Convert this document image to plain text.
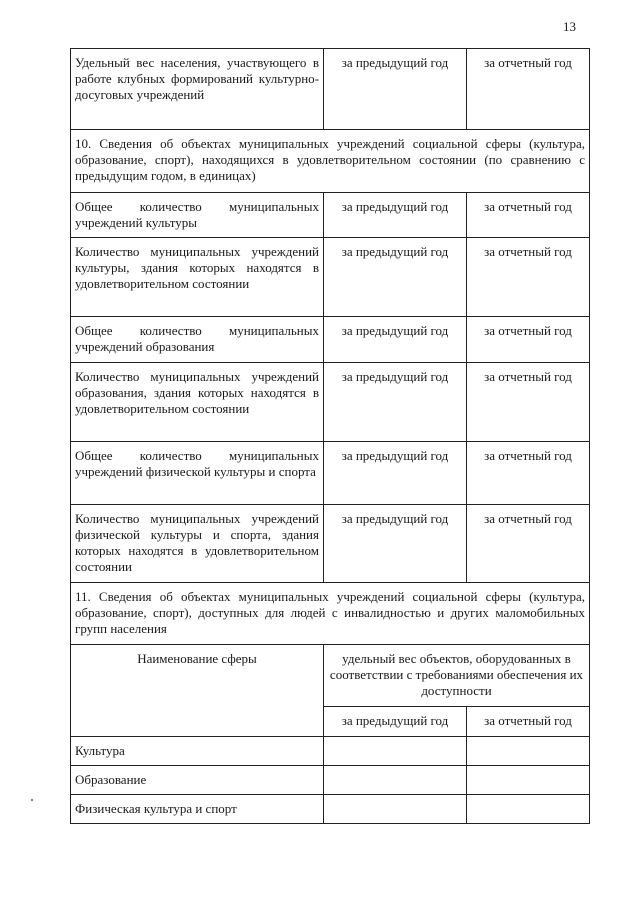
13
Удельный вес населения, участвующего в работе клубных формирований культурно-досуговых учреждений	за предыдущий год	за отчетный год
10. Сведения об объектах муниципальных учреждений социальной сферы (культура, образование, спорт), находящихся в удовлетворительном состоянии (по сравнению с предыдущим годом, в единицах)		
Общее количество муниципальных учреждений культуры	за предыдущий год	за отчетный год
Количество муниципальных учреждений культуры, здания которых находятся в удовлетворительном состоянии	за предыдущий год	за отчетный год
Общее количество муниципальных учреждений образования	за предыдущий год	за отчетный год
Количество муниципальных учреждений образования, здания которых находятся в удовлетворительном состоянии	за предыдущий год	за отчетный год
Общее количество муниципальных учреждений физической культуры и спорта	за предыдущий год	за отчетный год
Количество муниципальных учреждений физической культуры и спорта, здания которых находятся в удовлетворительном состоянии	за предыдущий год	за отчетный год
11. Сведения об объектах муниципальных учреждений социальной сферы (культура, образование, спорт), доступных для людей с инвалидностью и других маломобильных групп населения		
Наименование сферы	удельный вес объектов, оборудованных в соответствии с требованиями обеспечения их доступности	
	за предыдущий год	за отчетный год
Культура		
Образование		
Физическая культура и спорт		
